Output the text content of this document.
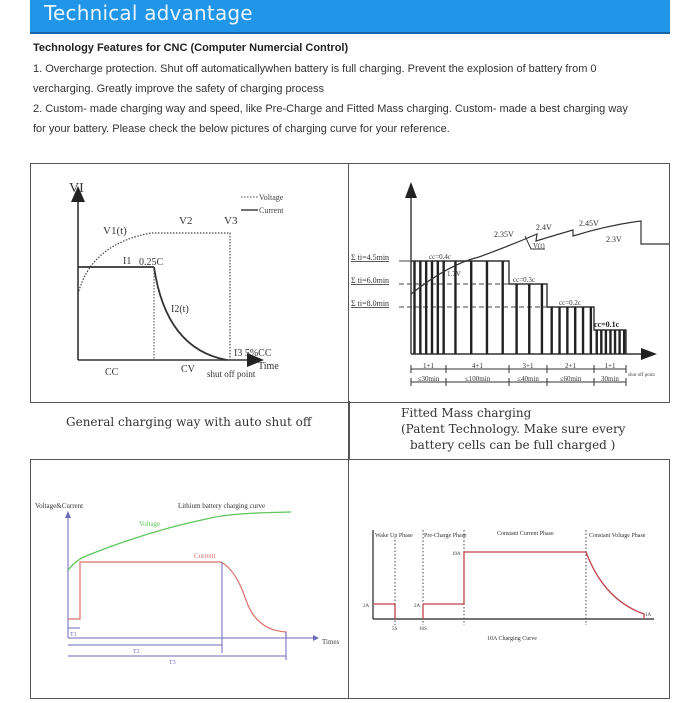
Technical advantage
Technology Features for CNC (Computer Numercial Control)
1. Overcharge protection. Shut off automaticallywhen battery is full charging. Prevent the explosion of battery from 0
vercharging. Greatly improve the safety of charging process
2. Custom- made charging way and speed, like Pre-Charge and Fitted Mass charging. Custom- made a best charging way
for your battery. Please check the below pictures of charging curve for your reference.
VI
Voltage
Current
V1(t)
V2	V3
I1 0.25C
I2(t)
I3 5%CC
Time
CC	CV shut off point
Σ ti=4.5min
Σ ti=6.0min
Σ ti=8.0min
cc=0.4c
cc=0.3c
cc=0.2c
cc=0.1c
1.7V
2.35V
2.4V	2.45V
2.3V
V(t)
1+1	4+1	3+1	2+1	1+1
≤30min	≤100min	≤40min	≤60min	30min shut off point
General charging way with auto shut off
Fitted Mass charging
(Patent Technology. Make sure every
battery cells can be full charged )
Voltage&Current	Lithium battery charging curve
Times
Voltage
Current
T1
T2
T3
Wake Up Phase Pre-Charge Phase	Constant Current Phase	Constant Voltage Phase
2A	2A
10A
1A
5S	10S
10A Charging Curve
